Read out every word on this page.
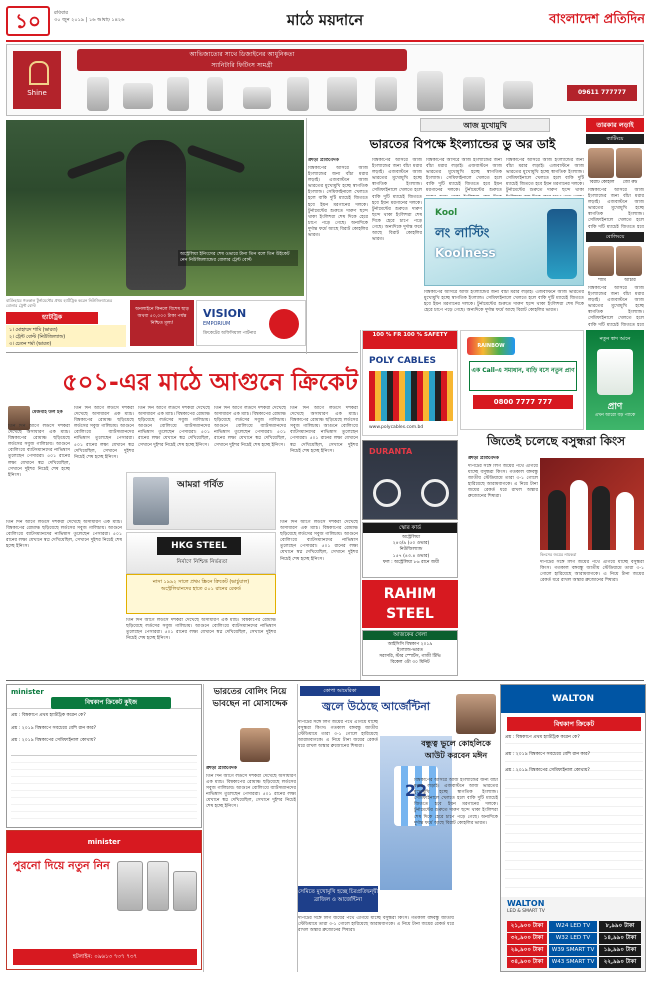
১০	রবিবার
৩০ জুন ২০১৯ | ১৬ আষাঢ় ১৪২৬	মাঠে ময়দানে	বাংলাদেশ প্রতিদিন
Shine
আভিজাত্যের সাথে ডিজাইনের আধুনিকতা
স্যানিটারি ফিটিংস সামগ্রী
09611 777777
বার্মিংহামে গতকাল টুর্নামেন্টের প্রথম হ্যাটট্রিক করেন নিউজিল্যান্ডের বোলার ট্রেন্ট বোল্ট
হ্যাটট্রিক
১। মোহাম্মদ শামি (ভারত)
২। ট্রেন্ট বোল্ট (নিউজিল্যান্ড)
৩। চেতন শর্মা (ভারত)
অস্ট্রেলিয়া ইনিংসের শেষ ওভারে টানা তিন বলে তিন উইকেট নেন নিউজিল্যান্ডের বোলার ট্রেন্ট বোল্ট
আজ মুখোমুখি
ভারতের বিপক্ষে ইংল্যান্ডের ডু অর ডাই
ক্রীড়া প্রতিবেদক
বিশ্বকাপের আসরে আজ ইংল্যান্ডের জন্য বাঁচা মরার লড়াই। এজবাস্টনে আজ ভারতের মুখোমুখি হচ্ছে স্বাগতিক ইংল্যান্ড। সেমিফাইনালে খেলতে হলে বাকি দুটি ম্যাচেই জিততে হবে ইয়ন মরগানের দলকে। টুর্নামেন্টের শুরুতে দারুণ ছন্দে থাকা ইংলিশরা শেষ দিকে হেরে চাপে পড়ে গেছে। অন্যদিকে দুর্দান্ত ফর্মে আছে বিরাট কোহলির ভারত।
বিশ্বকাপের আসরে আজ ইংল্যান্ডের জন্য বাঁচা মরার লড়াই। এজবাস্টনে আজ ভারতের মুখোমুখি হচ্ছে স্বাগতিক ইংল্যান্ড। সেমিফাইনালে খেলতে হলে বাকি দুটি ম্যাচেই জিততে হবে ইয়ন মরগানের দলকে। টুর্নামেন্টের শুরুতে দারুণ ছন্দে থাকা ইংলিশরা শেষ দিকে হেরে চাপে পড়ে গেছে। অন্যদিকে দুর্দান্ত ফর্মে আছে বিরাট কোহলির ভারত।
বিশ্বকাপের আসরে আজ ইংল্যান্ডের জন্য বাঁচা মরার লড়াই। এজবাস্টনে আজ ভারতের মুখোমুখি হচ্ছে স্বাগতিক ইংল্যান্ড। সেমিফাইনালে খেলতে হলে বাকি দুটি ম্যাচেই জিততে হবে ইয়ন মরগানের দলকে। টুর্নামেন্টের শুরুতে
বিশ্বকাপের আসরে আজ ইংল্যান্ডের জন্য বাঁচা মরার লড়াই। এজবাস্টনে আজ ভারতের মুখোমুখি হচ্ছে স্বাগতিক ইংল্যান্ড। সেমিফাইনালে খেলতে হলে বাকি দুটি ম্যাচেই জিততে হবে ইয়ন মরগানের দলকে। টুর্নামেন্টের শুরুতে দারুণ ছন্দে থাকা
বিশ্বকাপের আসরে আজ ইংল্যান্ডের জন্য বাঁচা মরার লড়াই। এজবাস্টনে আজ ভারতের মুখোমুখি হচ্ছে স্বাগতিক ইংল্যান্ড। সেমিফাইনালে খেলতে হলে বাকি দুটি ম্যাচেই জিততে হবে ইয়ন মরগানের দলকে। টুর্নামেন্টের শুরুতে দারুণ ছন্দে থাকা ইংলিশরা শেষ দিকে হেরে চাপে পড়ে গেছে। অন্যদিকে দুর্দান্ত ফর্মে আছে বিরাট কোহলির ভারত।
Kool
লং লাস্টিং
Koolness
তারকার লড়াই
ব্যাটিংয়ে
বিরাট কোহলি	জো রুট
বিশ্বকাপের আসরে আজ ইংল্যান্ডের জন্য বাঁচা মরার লড়াই। এজবাস্টনে আজ ভারতের মুখোমুখি হচ্ছে স্বাগতিক ইংল্যান্ড। সেমিফাইনালে খেলতে হলে বাকি দুটি ম্যাচেই জিততে হবে
বোলিংয়ে
শামি	আর্চার
বিশ্বকাপের আসরে আজ ইংল্যান্ডের জন্য বাঁচা মরার লড়াই। এজবাস্টনে আজ ভারতের মুখোমুখি হচ্ছে স্বাগতিক ইংল্যান্ড। সেমিফাইনালে খেলতে হলে বাকি দুটি ম্যাচেই জিততে হবে
VISION
EMPORIUM
ক্রিকেটের অফিসিয়াল পার্টনার
অনলাইনে কিনলে বিশেষ ছাড়
অথবা ৫০,০০০ টাকা পর্যন্ত নিশ্চিত মূল্য!
৫০১-এর মাঠে আগুনে ক্রিকেট
মেজবাহ উল হক
তিন দিন আগে লর্ডসে দর্শকরা দেখেছে অসাধারণ এক ম্যাচ। বিশ্বকাপের রোমাঞ্চ ছড়িয়েছে লর্ডসের সবুজ গালিচায়। আগুনে বোলিংয়ে ব্যাটসম্যানদের নাভিশ্বাস তুলেছেন পেসাররা। ৫০১ রানের লক্ষ্য যেখানে স্বপ্ন দেখিয়েছিল, সেখানে দুইশর নিচেই শেষ হচ্ছে ইনিংস।
তিন দিন আগে লর্ডসে দর্শকরা দেখেছে অসাধারণ এক ম্যাচ। বিশ্বকাপের রোমাঞ্চ ছড়িয়েছে লর্ডসের সবুজ গালিচায়। আগুনে বোলিংয়ে ব্যাটসম্যানদের নাভিশ্বাস তুলেছেন পেসাররা। ৫০১ রানের লক্ষ্য যেখানে স্বপ্ন দেখিয়েছিল, সেখানে দুইশর নিচেই শেষ হচ্ছে ইনিংস।
তিন দিন আগে লর্ডসে দর্শকরা দেখেছে অসাধারণ এক ম্যাচ। বিশ্বকাপের রোমাঞ্চ ছড়িয়েছে লর্ডসের সবুজ গালিচায়। আগুনে বোলিংয়ে ব্যাটসম্যানদের নাভিশ্বাস তুলেছেন পেসাররা। ৫০১ রানের লক্ষ্য যেখানে স্বপ্ন দেখিয়েছিল, সেখানে দুইশর নিচেই শেষ হচ্ছে ইনিংস।
তিন দিন আগে লর্ডসে দর্শকরা দেখেছে অসাধারণ এক ম্যাচ। বিশ্বকাপের রোমাঞ্চ ছড়িয়েছে লর্ডসের সবুজ গালিচায়। আগুনে বোলিংয়ে ব্যাটসম্যানদের নাভিশ্বাস তুলেছেন পেসাররা। ৫০১ রানের লক্ষ্য যেখানে স্বপ্ন দেখিয়েছিল, সেখানে দুইশর নিচেই শেষ হচ্ছে ইনিংস।
তিন দিন আগে লর্ডসে দর্শকরা দেখেছে অসাধারণ এক ম্যাচ। বিশ্বকাপের রোমাঞ্চ ছড়িয়েছে লর্ডসের সবুজ গালিচায়। আগুনে বোলিংয়ে ব্যাটসম্যানদের নাভিশ্বাস তুলেছেন পেসাররা। ৫০১ রানের লক্ষ্য যেখানে স্বপ্ন দেখিয়েছিল, সেখানে দুইশর নিচেই শেষ হচ্ছে ইনিংস।
আমরা গর্বিত
HKG STEEL
নির্মাণে নিশ্চিন্ত নির্ভরতা
নাসা ১৯৯২ সালে প্রথম স্ক্রিনে ক্রিকেট (ভার্চুয়াল)
অস্ট্রেলিয়ানদের হাতে ৫০১ রানের রেকর্ড
তিন দিন আগে লর্ডসে দর্শকরা দেখেছে অসাধারণ এক ম্যাচ। বিশ্বকাপের রোমাঞ্চ ছড়িয়েছে লর্ডসের সবুজ গালিচায়। আগুনে বোলিংয়ে ব্যাটসম্যানদের নাভিশ্বাস তুলেছেন পেসাররা। ৫০১ রানের লক্ষ্য যেখানে স্বপ্ন দেখিয়েছিল, সেখানে দুইশর নিচেই শেষ হচ্ছে ইনিংস।
তিন দিন আগে লর্ডসে দর্শকরা দেখেছে অসাধারণ এক ম্যাচ। বিশ্বকাপের রোমাঞ্চ ছড়িয়েছে লর্ডসের সবুজ গালিচায়। আগুনে বোলিংয়ে ব্যাটসম্যানদের নাভিশ্বাস তুলেছেন পেসাররা। ৫০১ রানের লক্ষ্য যেখানে স্বপ্ন দেখিয়েছিল, সেখানে দুইশর নিচেই শেষ হচ্ছে ইনিংস।
তিন দিন আগে লর্ডসে দর্শকরা দেখেছে অসাধারণ এক ম্যাচ। বিশ্বকাপের রোমাঞ্চ ছড়িয়েছে লর্ডসের সবুজ গালিচায়। আগুনে বোলিংয়ে ব্যাটসম্যানদের নাভিশ্বাস তুলেছেন পেসাররা। ৫০১ রানের লক্ষ্য যেখানে স্বপ্ন দেখিয়েছিল, সেখানে দুইশর নিচেই শেষ হচ্ছে ইনিংস।
100 % FR 100 % SAFETY
POLY CABLES
www.polycables.com.bd
DURANTA
RAINBOW
এক Call-এ সমাধান, বাড়ি বসে নতুন প্রাণ
0800 7777 777
নতুন স্বাদ আনে
প্রাণ
এখন আরো বড় প্যাকে
জিতেই চলেছে বসুন্ধরা কিংস
ক্রীড়া প্রতিবেদক
দাপটের সঙ্গে লিগ জয়ের পথে এগিয়ে যাচ্ছে বসুন্ধরা কিংস। গতকাল বঙ্গবন্ধু জাতীয় স্টেডিয়ামে তারা ৩-১ গোলে হারিয়েছে আরামবাগকে। এ নিয়ে টানা জয়ের রেকর্ড ধরে রাখল অস্কার ব্রুজোনের শিষ্যরা।
কিংসের জয়ের নায়করা
দাপটের সঙ্গে লিগ জয়ের পথে এগিয়ে যাচ্ছে বসুন্ধরা কিংস। গতকাল বঙ্গবন্ধু জাতীয় স্টেডিয়ামে তারা ৩-১ গোলে হারিয়েছে আরামবাগকে। এ নিয়ে টানা জয়ের রেকর্ড ধরে রাখল অস্কার ব্রুজোনের শিষ্যরা।
স্কোর কার্ড
অস্ট্রেলিয়া
২৪৩/৯ (৫০ ওভার)
নিউজিল্যান্ড
১৫৭ (৪৩.৪ ওভার)
ফল : অস্ট্রেলিয়া ৮৬ রানে জয়ী
RAHIM
STEEL
আজকের খেলা
আইসিসি বিশ্বকাপ ২০১৯
ইংল্যান্ড-ভারত
সরাসরি, স্টার স্পোর্টস, গাজী টিভি
বিকেল ৩টা ৩০ মিনিট
minister
বিশ্বকাপ ক্রিকেট কুইজ
প্রশ্ন : বিশ্বকাপে প্রথম হ্যাটট্রিক করেন কে?
প্রশ্ন : ২০১৯ বিশ্বকাপে সবচেয়ে বেশি রান কার?
প্রশ্ন : ২০১৯ বিশ্বকাপের সেমিফাইনাল কোথায়?
minister
পুরনো দিয়ে নতুন নিন
হটলাইন: ০৯৬১৩ ৭৩৭ ৭৩৭
ভারতের বোলিং নিয়ে ভাবছেন না মোসাদ্দেক
ক্রীড়া প্রতিবেদক
তিন দিন আগে লর্ডসে দর্শকরা দেখেছে অসাধারণ এক ম্যাচ। বিশ্বকাপের রোমাঞ্চ ছড়িয়েছে লর্ডসের সবুজ গালিচায়। আগুনে বোলিংয়ে ব্যাটসম্যানদের নাভিশ্বাস তুলেছেন পেসাররা। ৫০১ রানের লক্ষ্য যেখানে স্বপ্ন দেখিয়েছিল, সেখানে দুইশর নিচেই শেষ হচ্ছে ইনিংস।
কোপা আমেরিকা
জ্বলে উঠেছে আর্জেন্টিনা
দাপটের সঙ্গে লিগ জয়ের পথে এগিয়ে যাচ্ছে বসুন্ধরা কিংস। গতকাল বঙ্গবন্ধু জাতীয় স্টেডিয়ামে তারা ৩-১ গোলে হারিয়েছে আরামবাগকে। এ নিয়ে টানা জয়ের রেকর্ড ধরে রাখল অস্কার ব্রুজোনের শিষ্যরা।
22
সেমিতে মুখোমুখি হচ্ছে চিরপ্রতিদ্বন্দ্বী ব্রাজিল ও আর্জেন্টিনা
দাপটের সঙ্গে লিগ জয়ের পথে এগিয়ে যাচ্ছে বসুন্ধরা কিংস। গতকাল বঙ্গবন্ধু জাতীয় স্টেডিয়ামে তারা ৩-১ গোলে হারিয়েছে আরামবাগকে। এ নিয়ে টানা জয়ের রেকর্ড ধরে রাখল অস্কার ব্রুজোনের শিষ্যরা।
বন্ধুত্ব ভুলে কোহলিকে আউট করবেন মঈন
বিশ্বকাপের আসরে আজ ইংল্যান্ডের জন্য বাঁচা মরার লড়াই। এজবাস্টনে আজ ভারতের মুখোমুখি হচ্ছে স্বাগতিক ইংল্যান্ড। সেমিফাইনালে খেলতে হলে বাকি দুটি ম্যাচেই জিততে হবে ইয়ন মরগানের দলকে। টুর্নামেন্টের শুরুতে দারুণ ছন্দে থাকা ইংলিশরা শেষ দিকে হেরে চাপে পড়ে গেছে। অন্যদিকে দুর্দান্ত ফর্মে আছে বিরাট কোহলির ভারত।
WALTON
বিশ্বকাপ ক্রিকেট
প্রশ্ন : বিশ্বকাপে প্রথম হ্যাটট্রিক করেন কে?
প্রশ্ন : ২০১৯ বিশ্বকাপে সবচেয়ে বেশি রান কার?
প্রশ্ন : ২০১৯ বিশ্বকাপের সেমিফাইনাল কোথায়?
WALTON
LED & SMART TV
২১,৯০০ টাকা	W24 LED TV	৮,৯৯০ টাকা
৩২,৯০০ টাকা	W32 LED TV	১৪,৯৯০ টাকা
২৯,৯০০ টাকা	W39 SMART TV	১৯,৯৯০ টাকা
৩৪,৯০০ টাকা	W43 SMART TV	২২,৯৯০ টাকা
